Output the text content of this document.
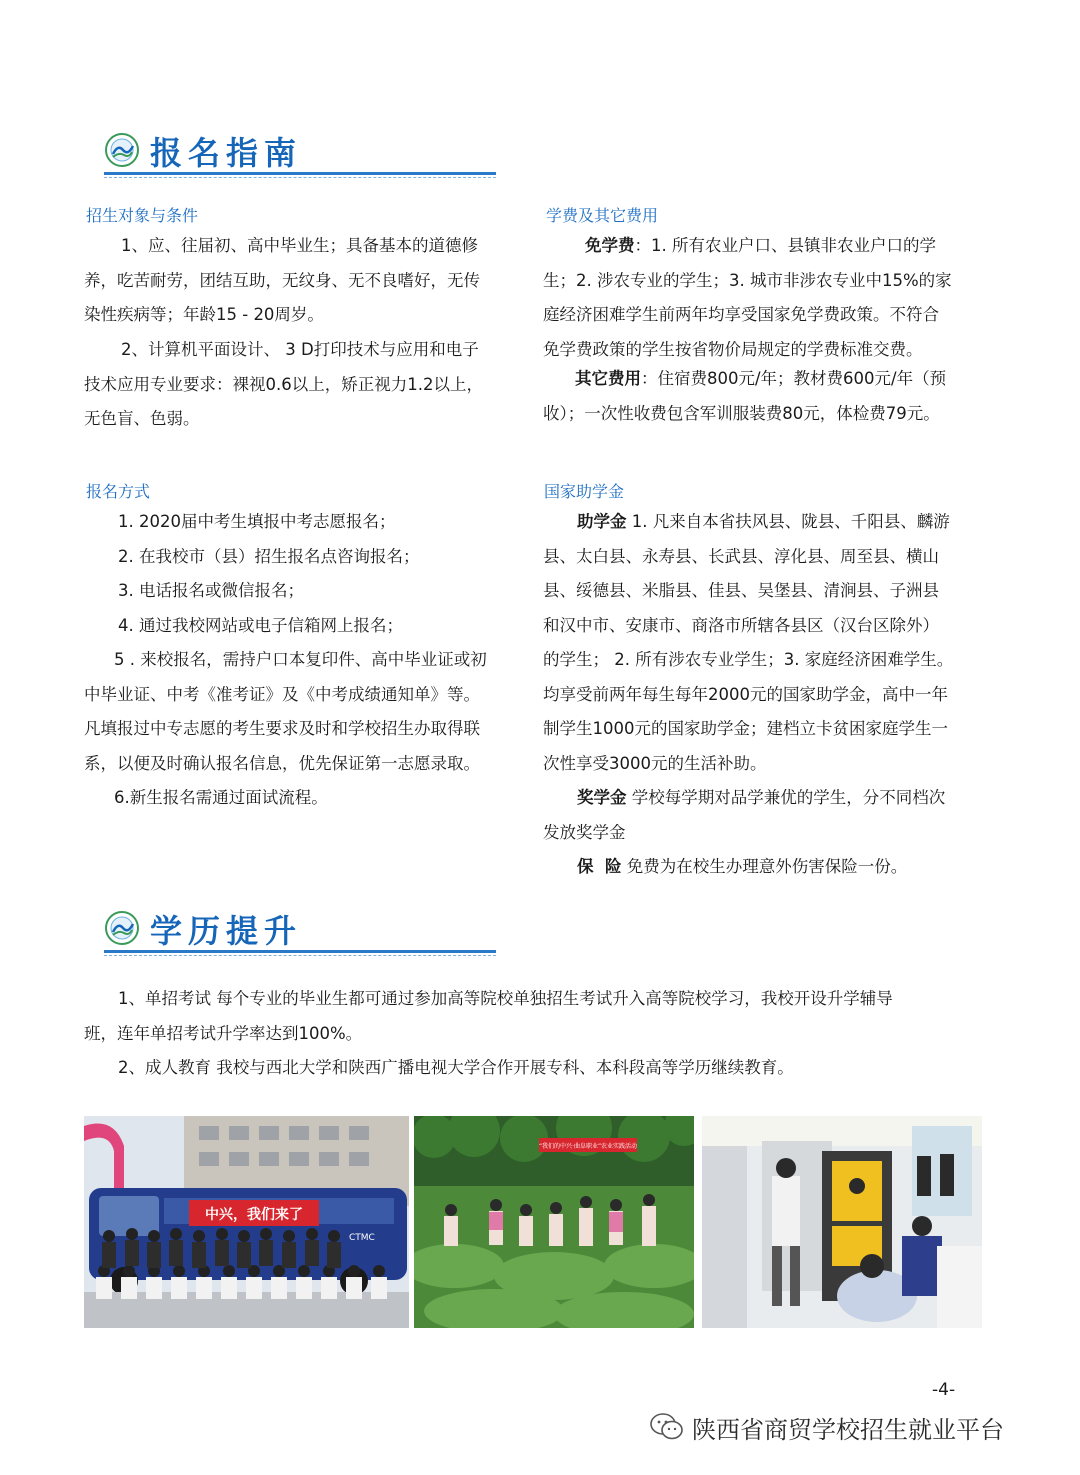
报名指南
招生对象与条件
1、应、往届初、高中毕业生；具备基本的道德修
养，吃苦耐劳，团结互助，无纹身、无不良嗜好，无传
染性疾病等；年龄15 - 20周岁。
2、计算机平面设计、 3 D打印技术与应用和电子
技术应用专业要求：裸视0.6以上，矫正视力1.2以上，
无色盲、色弱。
报名方式
1. 2020届中考生填报中考志愿报名；
2. 在我校市（县）招生报名点咨询报名；
3. 电话报名或微信报名；
4. 通过我校网站或电子信箱网上报名；
5 . 来校报名，需持户口本复印件、高中毕业证或初
中毕业证、中考《准考证》及《中考成绩通知单》等。
凡填报过中专志愿的考生要求及时和学校招生办取得联
系，以便及时确认报名信息，优先保证第一志愿录取。
6.新生报名需通过面试流程。
学费及其它费用
免学费：1. 所有农业户口、县镇非农业户口的学
生；2. 涉农专业的学生；3. 城市非涉农专业中15%的家
庭经济困难学生前两年均享受国家免学费政策。不符合
免学费政策的学生按省物价局规定的学费标准交费。
其它费用：住宿费800元/年；教材费600元/年（预
收）；一次性收费包含军训服装费80元，体检费79元。
国家助学金
助学金 1. 凡来自本省扶风县、陇县、千阳县、麟游
县、太白县、永寿县、长武县、淳化县、周至县、横山
县、绥德县、米脂县、佳县、吴堡县、清涧县、子洲县
和汉中市、安康市、商洛市所辖各县区（汉台区除外）
的学生； 2. 所有涉农专业学生；3. 家庭经济困难学生。
均享受前两年每生每年2000元的国家助学金，高中一年
制学生1000元的国家助学金；建档立卡贫困家庭学生一
次性享受3000元的生活补助。
奖学金 学校每学期对品学兼优的学生，分不同档次
发放奖学金
保  险 免费为在校生办理意外伤害保险一份。
学历提升
1、单招考试 每个专业的毕业生都可通过参加高等院校单独招生考试升入高等院校学习，我校开设升学辅导
班，连年单招考试升学率达到100%。
2、成人教育 我校与西北大学和陕西广播电视大学合作开展专科、本科段高等学历继续教育。
中兴，我们来了
CTMC
“我们的中兴·曲阜职业”农业实践活动
-4-
陕西省商贸学校招生就业平台
